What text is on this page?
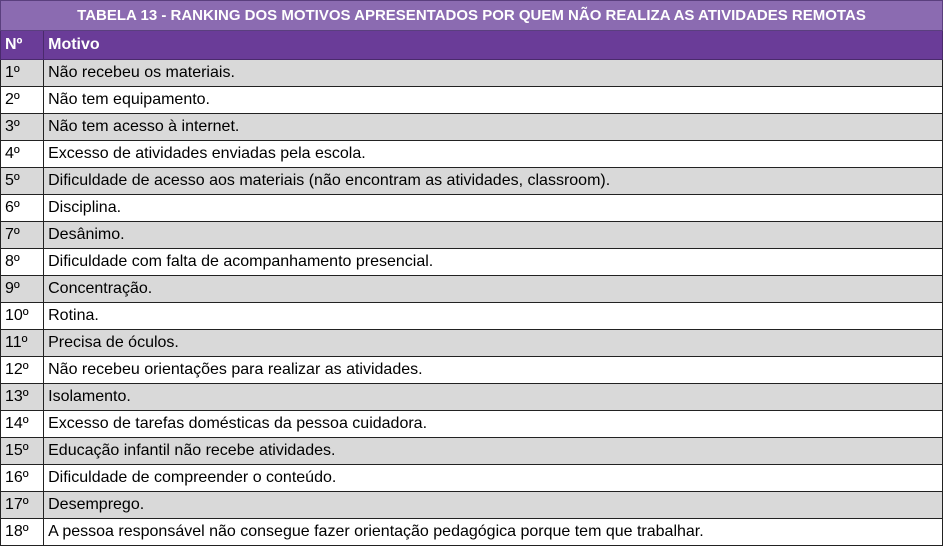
TABELA 13 - RANKING DOS MOTIVOS APRESENTADOS POR QUEM NÃO REALIZA AS ATIVIDADES REMOTAS	
Nº	Motivo
1º	Não recebeu os materiais.
2º	Não tem equipamento.
3º	Não tem acesso à internet.
4º	Excesso de atividades enviadas pela escola.
5º	Dificuldade de acesso aos materiais (não encontram as atividades, classroom).
6º	Disciplina.
7º	Desânimo.
8º	Dificuldade com falta de acompanhamento presencial.
9º	Concentração.
10º	Rotina.
11º	Precisa de óculos.
12º	Não recebeu orientações para realizar as atividades.
13º	Isolamento.
14º	Excesso de tarefas domésticas da pessoa cuidadora.
15º	Educação infantil não recebe atividades.
16º	Dificuldade de compreender o conteúdo.
17º	Desemprego.
18º	A pessoa responsável não consegue fazer orientação pedagógica porque tem que trabalhar.
